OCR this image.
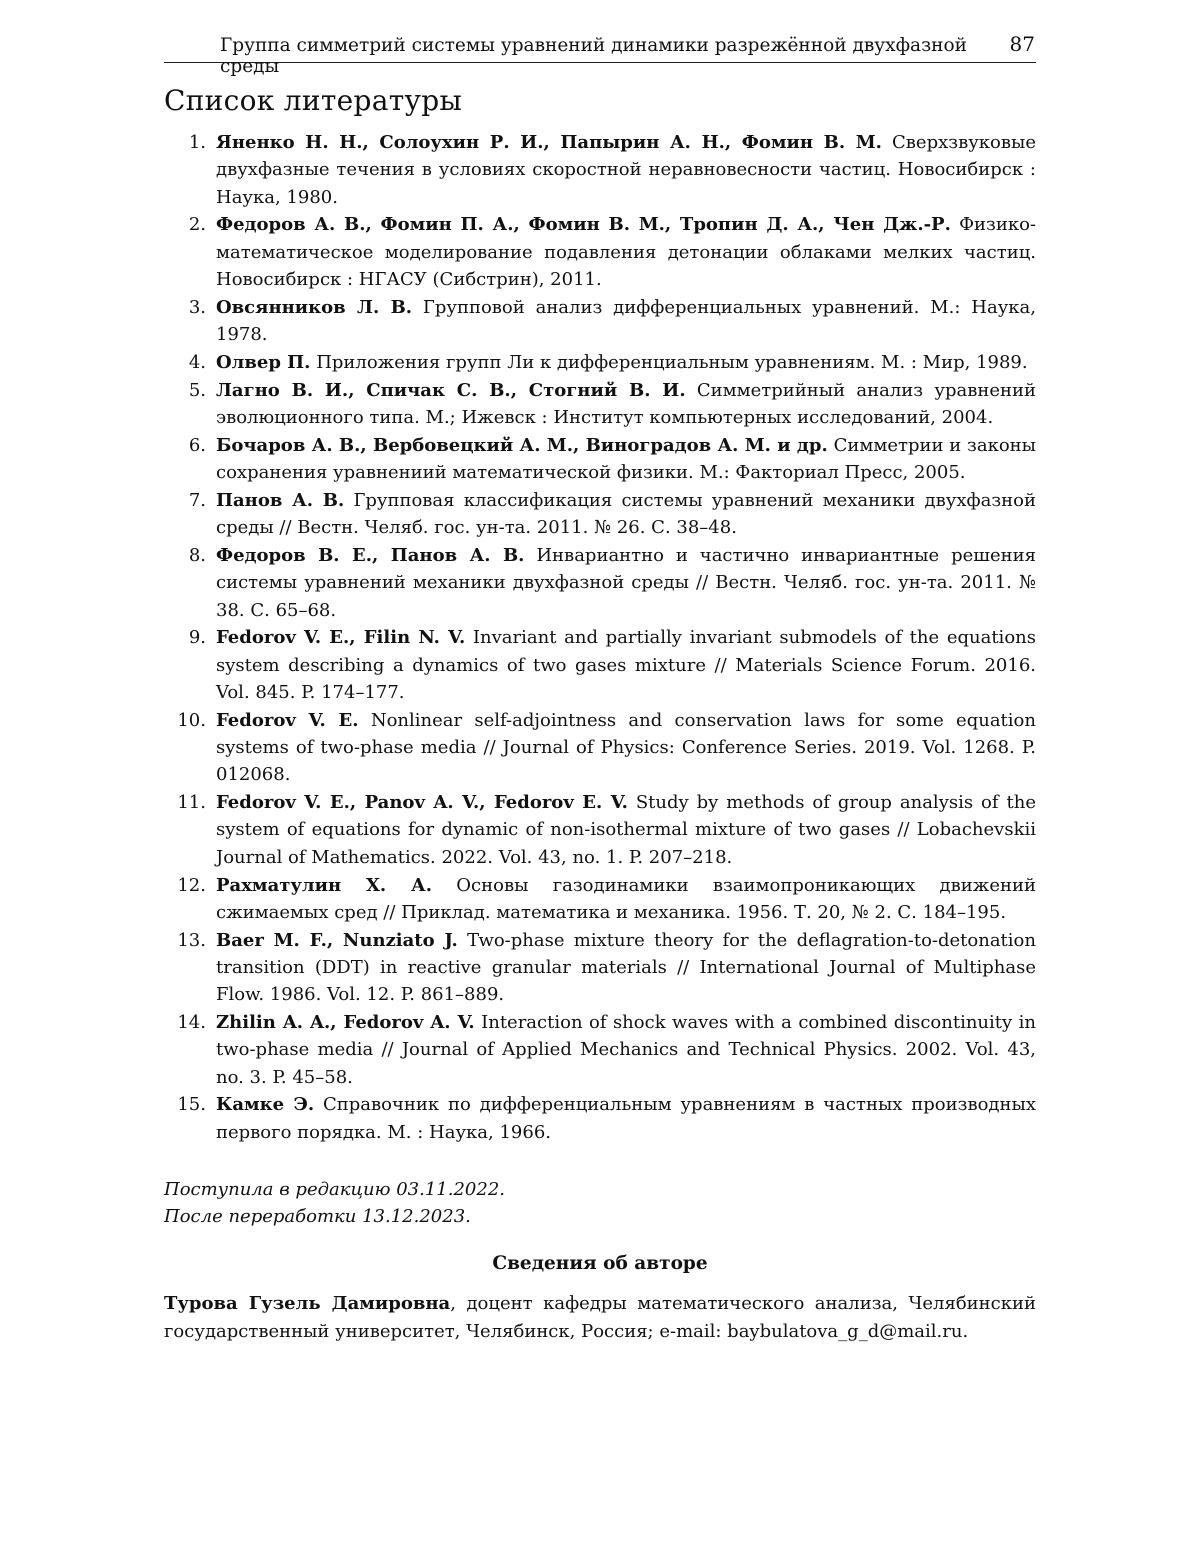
Группа симметрий системы уравнений динамики разрежённой двухфазной среды
87
Список литературы
1. Яненко Н. Н., Солоухин Р. И., Папырин А. Н., Фомин В. М. Сверхзвуковые двухфазные течения в условиях скоростной неравновесности частиц. Новосибирск : Наука, 1980.
2. Федоров А. В., Фомин П. А., Фомин В. М., Тропин Д. А., Чен Дж.-Р. Физико-математическое моделирование подавления детонации облаками мелких частиц. Новосибирск : НГАСУ (Сибстрин), 2011.
3. Овсянников Л. В. Групповой анализ дифференциальных уравнений. М.: Наука, 1978.
4. Олвер П. Приложения групп Ли к дифференциальным уравнениям. М. : Мир, 1989.
5. Лагно В. И., Спичак С. В., Стогний В. И. Симметрийный анализ уравнений эволюционного типа. М.; Ижевск : Институт компьютерных исследований, 2004.
6. Бочаров А. В., Вербовецкий А. М., Виноградов А. М. и др. Симметрии и законы сохранения уравнениий математической физики. М.: Факториал Пресс, 2005.
7. Панов А. В. Групповая классификация системы уравнений механики двухфазной среды // Вестн. Челяб. гос. ун-та. 2011. № 26. С. 38–48.
8. Федоров В. Е., Панов А. В. Инвариантно и частично инвариантные решения системы уравнений механики двухфазной среды // Вестн. Челяб. гос. ун-та. 2011. № 38. С. 65–68.
9. Fedorov V. E., Filin N. V. Invariant and partially invariant submodels of the equations system describing a dynamics of two gases mixture // Materials Science Forum. 2016. Vol. 845. P. 174–177.
10. Fedorov V. E. Nonlinear self-adjointness and conservation laws for some equation systems of two-phase media // Journal of Physics: Conference Series. 2019. Vol. 1268. P. 012068.
11. Fedorov V. E., Panov A. V., Fedorov E. V. Study by methods of group analysis of the system of equations for dynamic of non-isothermal mixture of two gases // Lobachevskii Journal of Mathematics. 2022. Vol. 43, no. 1. P. 207–218.
12. Рахматулин Х. А. Основы газодинамики взаимопроникающих движений сжимаемых сред // Приклад. математика и механика. 1956. Т. 20, № 2. С. 184–195.
13. Baer M. F., Nunziato J. Two-phase mixture theory for the deflagration-to-detonation transition (DDT) in reactive granular materials // International Journal of Multiphase Flow. 1986. Vol. 12. P. 861–889.
14. Zhilin A. A., Fedorov A. V. Interaction of shock waves with a combined discontinuity in two-phase media // Journal of Applied Mechanics and Technical Physics. 2002. Vol. 43, no. 3. P. 45–58.
15. Камке Э. Справочник по дифференциальным уравнениям в частных производных первого порядка. М. : Наука, 1966.
Поступила в редакцию 03.11.2022.
После переработки 13.12.2023.
Сведения об авторе

Турова Гузель Дамировна, доцент кафедры математического анализа, Челябинский государственный университет, Челябинск, Россия; e-mail: baybulatova_g_d@mail.ru.
